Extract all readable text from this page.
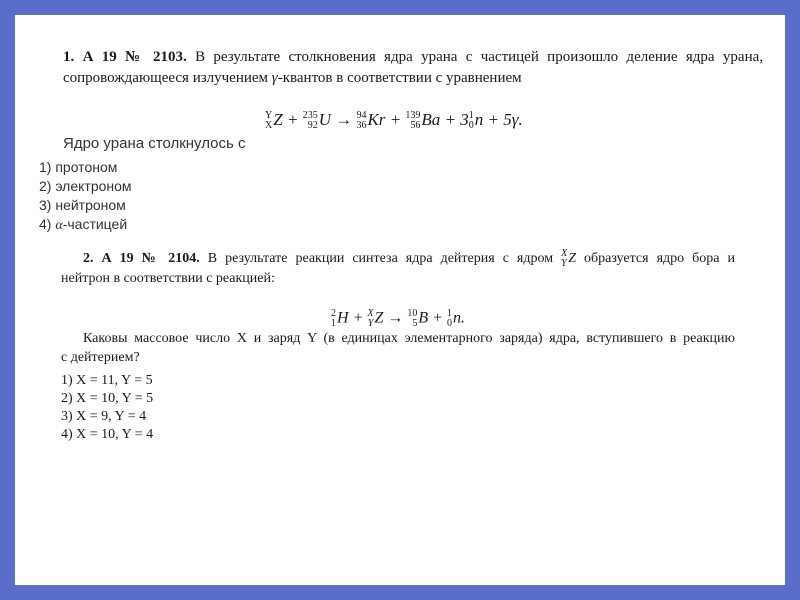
1. А 19 № 2103. В результате столкновения ядра урана с частицей произошло деление ядра урана,
сопровождающееся излучением γ-квантов в соответствии с уравнением
Y
X Z + 235
92 U → 94
36 Kr + 139
56 Ba + 3 1
0 n + 5γ.
Ядро урана столкнулось с
1) протоном
2) электроном
3) нейтроном
4) α-частицей
2. А 19 № 2104. В результате реакции синтеза ядра дейтерия с ядром X
Y Z образуется ядро бора и
нейтрон в соответствии с реакцией:
2
1 H + X
Y Z → 10
5 B + 1
0 n.
Каковы массовое число X и заряд Y (в единицах элементарного заряда) ядра, вступившего в реакцию
с дейтерием?
1) X = 11, Y = 5
2) X = 10, Y = 5
3) X = 9, Y = 4
4) X = 10, Y = 4
